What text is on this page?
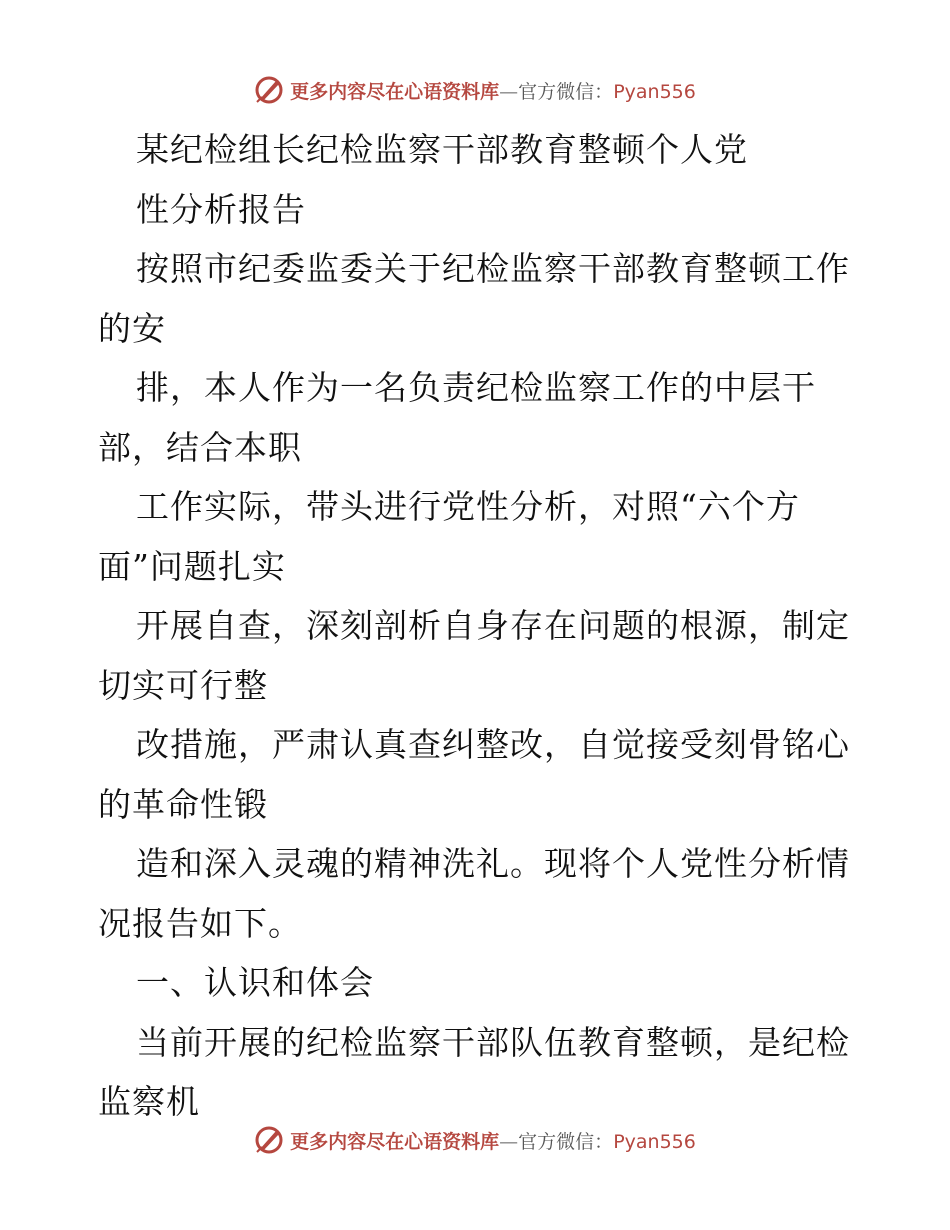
更多内容尽在心语资料库—官方微信：Pyan556
某纪检组长纪检监察干部教育整顿个人党
性分析报告
按照市纪委监委关于纪检监察干部教育整顿工作
的安
排，本人作为一名负责纪检监察工作的中层干
部，结合本职
工作实际，带头进行党性分析，对照“六个方
面”问题扎实
开展自查，深刻剖析自身存在问题的根源，制定
切实可行整
改措施，严肃认真查纠整改，自觉接受刻骨铭心
的革命性锻
造和深入灵魂的精神洗礼。现将个人党性分析情
况报告如下。
一、认识和体会
当前开展的纪检监察干部队伍教育整顿，是纪检
监察机
更多内容尽在心语资料库—官方微信：Pyan556
